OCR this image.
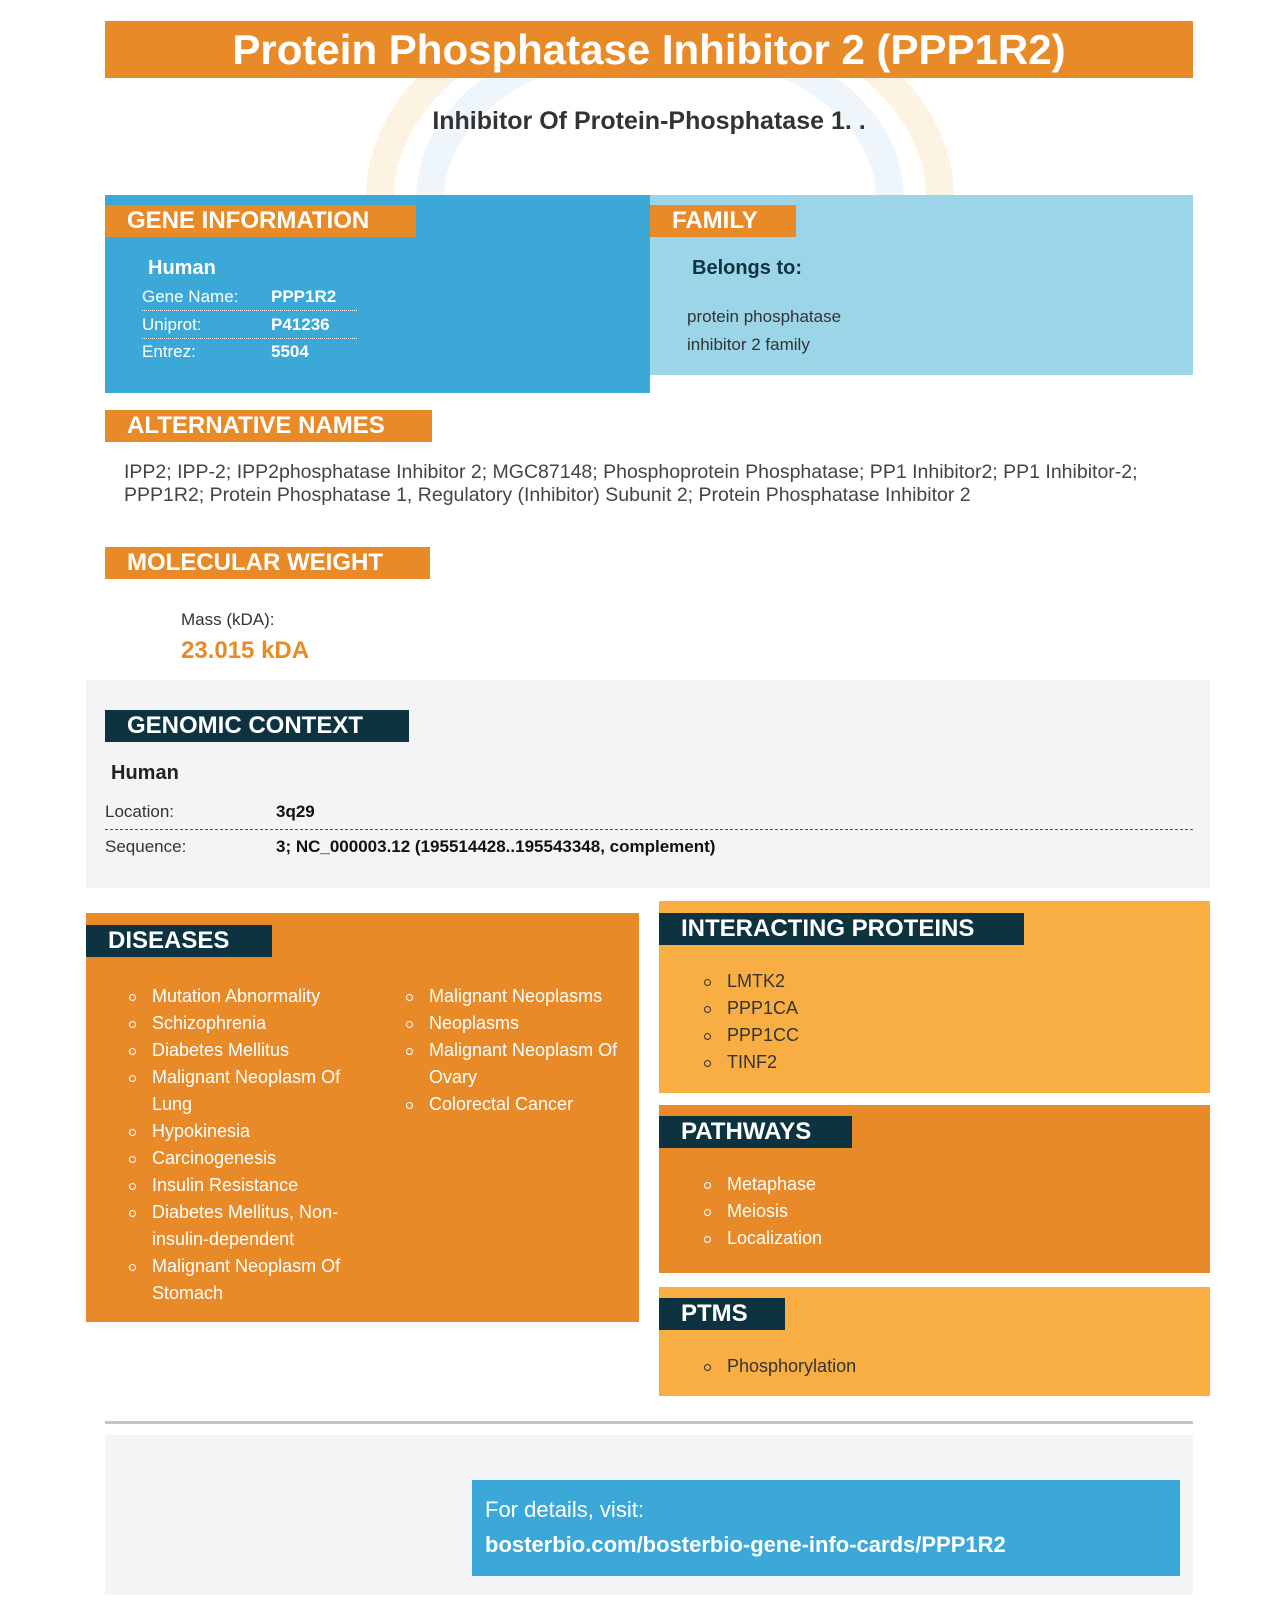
Protein Phosphatase Inhibitor 2 (PPP1R2)
Inhibitor Of Protein-Phosphatase 1. .
GENE INFORMATION
Human
Gene Name: PPP1R2
Uniprot:	P41236
Entrez:	5504
FAMILY
Belongs to:
protein phosphatase
inhibitor 2 family
ALTERNATIVE NAMES
IPP2; IPP-2; IPP2phosphatase Inhibitor 2; MGC87148; Phosphoprotein Phosphatase; PP1 Inhibitor2; PP1 Inhibitor-2; PPP1R2; Protein Phosphatase 1, Regulatory (Inhibitor) Subunit 2; Protein Phosphatase Inhibitor 2
MOLECULAR WEIGHT
Mass (kDA):
23.015 kDA
GENOMIC CONTEXT
Human
Location:	3q29
Sequence:	3; NC_000003.12 (195514428..195543348, complement)
DISEASES
Mutation Abnormality
Schizophrenia
Diabetes Mellitus
Malignant Neoplasm Of Lung
Hypokinesia
Carcinogenesis
Insulin Resistance
Diabetes Mellitus, Non-insulin-dependent
Malignant Neoplasm Of Stomach
Malignant Neoplasms
Neoplasms
Malignant Neoplasm Of Ovary
Colorectal Cancer
INTERACTING PROTEINS
LMTK2
PPP1CA
PPP1CC
TINF2
PATHWAYS
Metaphase
Meiosis
Localization
PTMS
Phosphorylation
For details, visit:
bosterbio.com/bosterbio-gene-info-cards/PPP1R2
